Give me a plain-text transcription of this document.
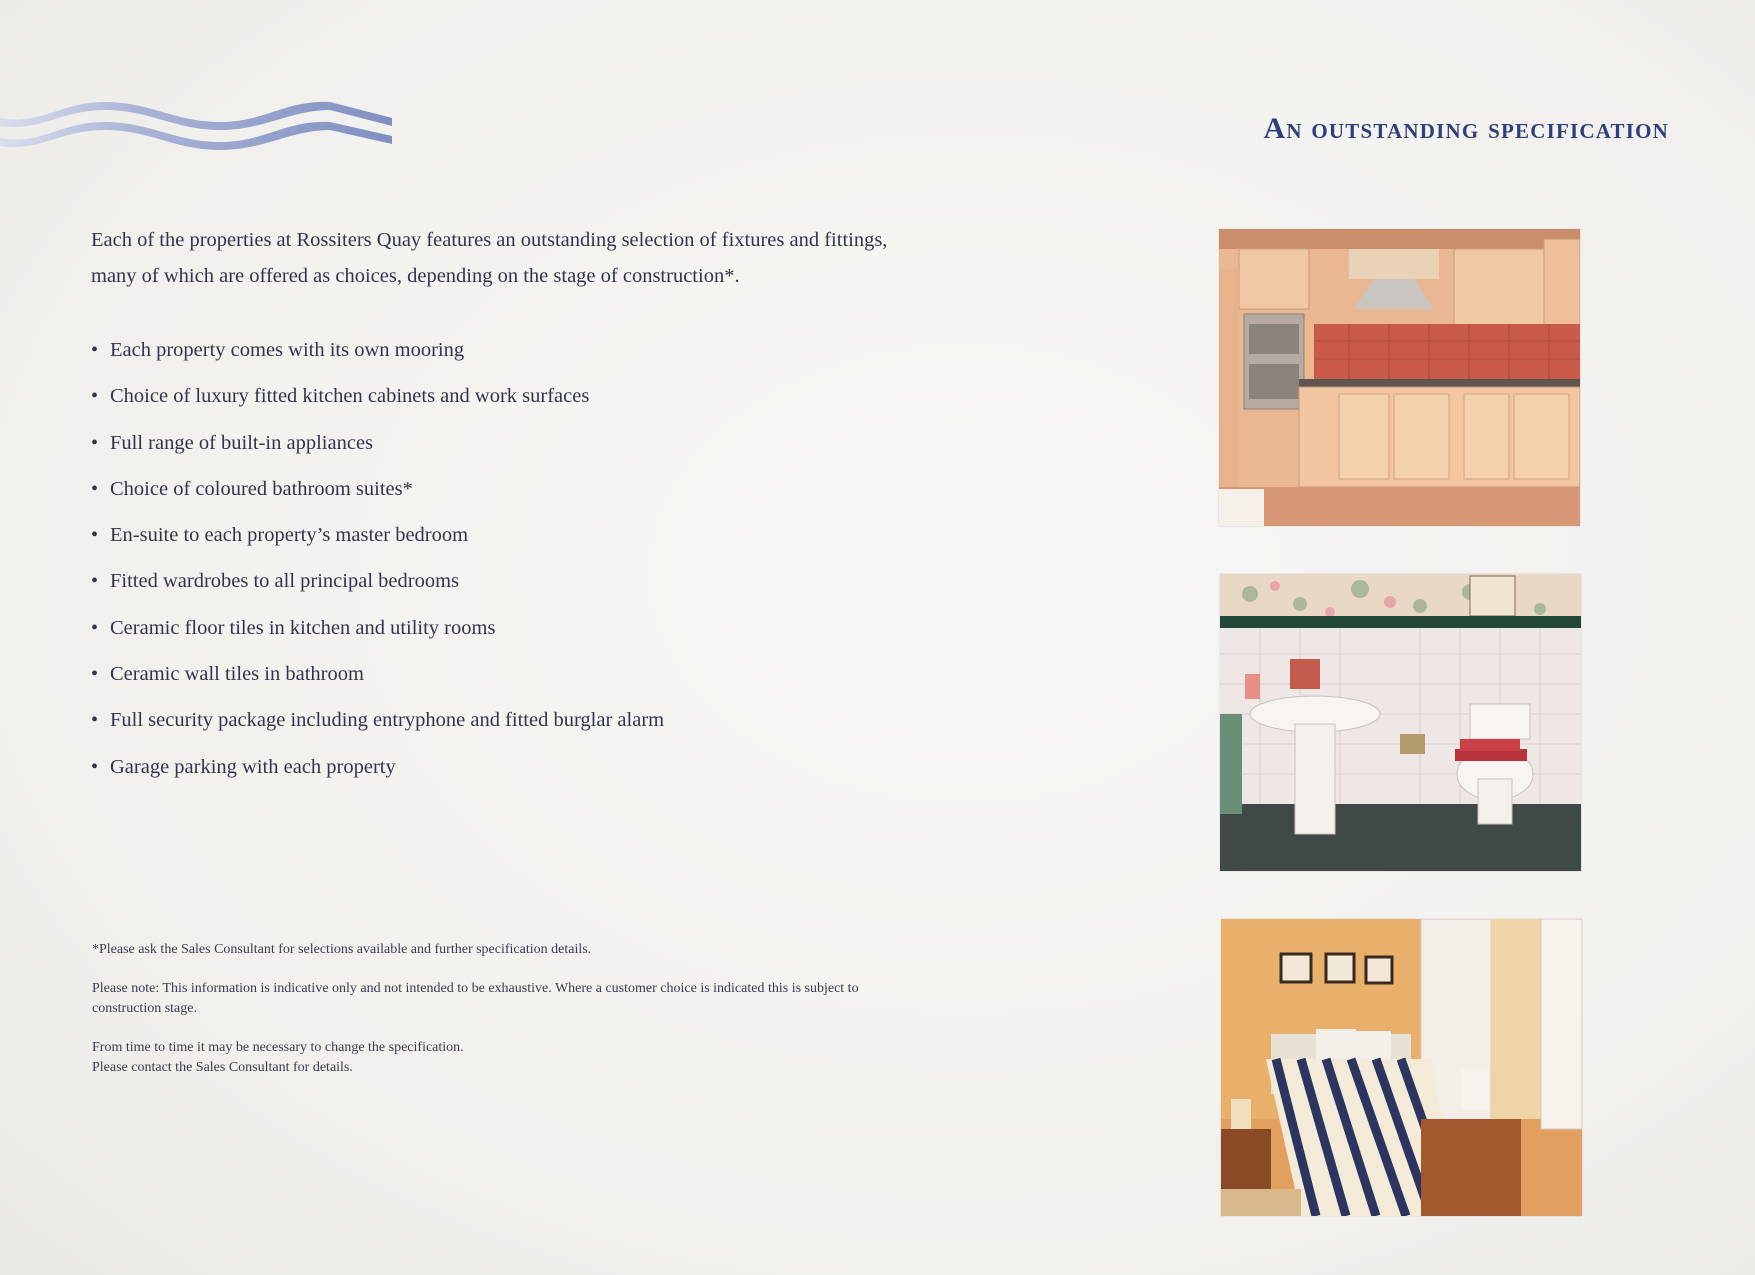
An outstanding specification
Each of the properties at Rossiters Quay features an outstanding selection of fixtures and fittings, many of which are offered as choices, depending on the stage of construction*.
• Each property comes with its own mooring
• Choice of luxury fitted kitchen cabinets and work surfaces
• Full range of built-in appliances
• Choice of coloured bathroom suites*
• En-suite to each property’s master bedroom
• Fitted wardrobes to all principal bedrooms
• Ceramic floor tiles in kitchen and utility rooms
• Ceramic wall tiles in bathroom
• Full security package including entryphone and fitted burglar alarm
• Garage parking with each property

*Please ask the Sales Consultant for selections available and further specification details.

Please note: This information is indicative only and not intended to be exhaustive. Where a customer choice is indicated this is subject to construction stage.

From time to time it may be necessary to change the specification.
Please contact the Sales Consultant for details.
